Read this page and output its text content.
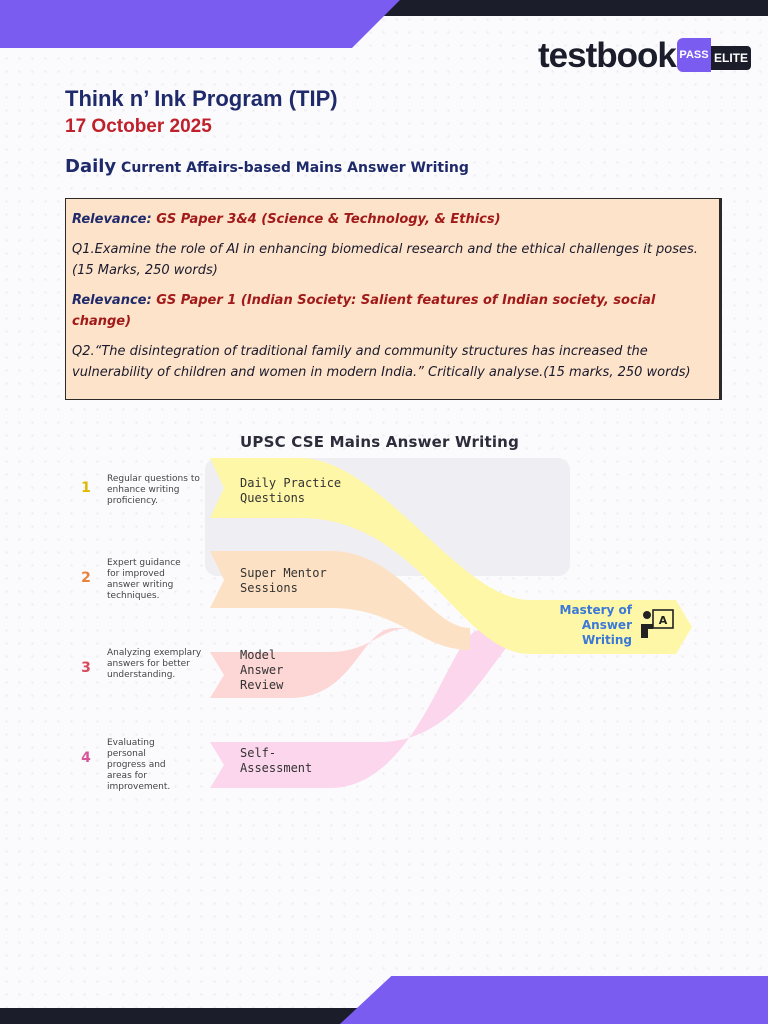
testbook PASS ELITE
Think n’ Ink Program (TIP)
17 October 2025
Daily Current Affairs-based Mains Answer Writing

Relevance: GS Paper 3&4 (Science & Technology, & Ethics)

Q1.Examine the role of AI in enhancing biomedical research and the ethical challenges it poses.(15 Marks, 250 words)

Relevance: GS Paper 1 (Indian Society: Salient features of Indian society, social change)

Q2.“The disintegration of traditional family and community structures has increased the vulnerability of children and women in modern India.” Critically analyse.(15 marks, 250 words)

A
UPSC CSE Mains Answer Writing
1
Regular questions to enhance writing proficiency.
Daily Practice Questions
2
Expert guidance for improved answer writing techniques.
Super Mentor Sessions
3
Analyzing exemplary answers for better understanding.
Model Answer Review
4
Evaluating personal progress and areas for improvement.
Self-Assessment
Mastery of Answer Writing
